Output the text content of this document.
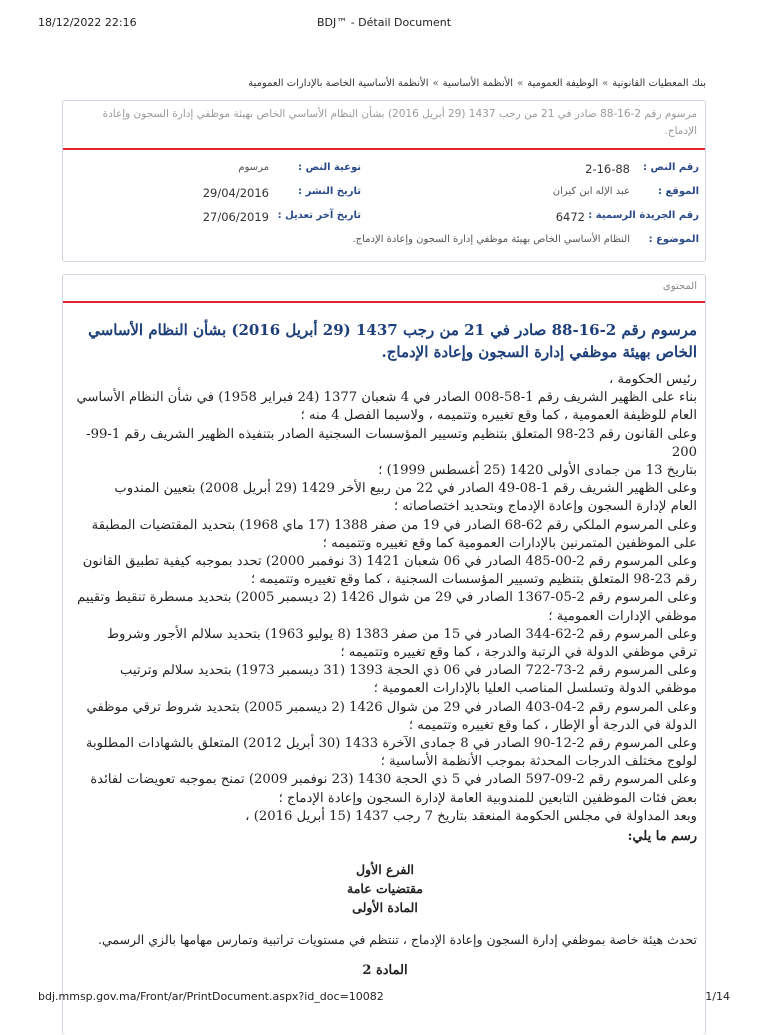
18/12/2022 22:16	BDJ™ - Détail Document
بنك المعطيات القانونية»الوظيفة العمومية»الأنظمة الأساسية»الأنظمة الأساسية الخاصة بالإدارات العمومية
مرسوم رقم 2-16-88 صادر في 21 من رجب 1437 (29 أبريل 2016) بشأن النظام الأساسي الخاص بهيئة موظفي إدارة السجون وإعادة الإدماج.
رقم النص :
2-16-88
نوعية النص :
مرسوم
الموقع :
عبد الإله ابن كيران
تاريخ النشر :
29/04/2016
رقم الجريدة الرسمية :
6472
تاريخ آخر تعديل :
27/06/2019
الموضوع :
النظام الأساسي الخاص بهيئة موظفي إدارة السجون وإعادة الإدماج.
المحتوى
مرسوم رقم 2-16-88 صادر في 21 من رجب 1437 (29 أبريل 2016) بشأن النظام الأساسي الخاص بهيئة موظفي إدارة السجون وإعادة الإدماج.

رئيس الحكومة ،

بناء على الظهير الشريف رقم 1-58-008 الصادر في 4 شعبان 1377 (24 فبراير 1958) في شأن النظام الأساسي

العام للوظيفة العمومية ، كما وقع تغييره وتتميمه ، ولاسيما الفصل 4 منه ؛

وعلى القانون رقم 23-98 المتعلق بتنظيم وتسيير المؤسسات السجنية الصادر بتنفيذه الظهير الشريف رقم 1-99-200

بتاريخ 13 من جمادى الأولى 1420 (25 أغسطس 1999) ؛

وعلى الظهير الشريف رقم 1-08-49 الصادر في 22 من ربيع الأخر 1429 (29 أبريل 2008) بتعيين المندوب

العام لإدارة السجون وإعادة الإدماج وبتحديد اختصاصاته ؛

وعلى المرسوم الملكي رقم 62-68 الصادر في 19 من صفر 1388 (17 ماي 1968) بتحديد المقتضيات المطبقة

على الموظفين المتمرنين بالإدارات العمومية كما وقع تغييره وتتميمه ؛

وعلى المرسوم رقم 2-00-485 الصادر في 06 شعبان 1421 (3 نوفمبر 2000) تحدد بموجبه كيفية تطبيق القانون

رقم 23-98 المتعلق بتنظيم وتسيير المؤسسات السجنية ، كما وقع تغييره وتتميمه ؛

وعلى المرسوم رقم 2-05-1367 الصادر في 29 من شوال 1426 (2 ديسمبر 2005) بتحديد مسطرة تنقيط وتقييم

موظفي الإدارات العمومية ؛

وعلى المرسوم رقم 2-62-344 الصادر في 15 من صفر 1383 (8 يوليو 1963) بتحديد سلالم الأجور وشروط

ترقي موظفي الدولة في الرتبة والدرجة ، كما وقع تغييره وتتميمه ؛

وعلى المرسوم رقم 2-73-722 الصادر في 06 ذي الحجة 1393 (31 ديسمبر 1973) بتحديد سلالم وترتيب

موظفي الدولة وتسلسل المناصب العليا بالإدارات العمومية ؛

وعلى المرسوم رقم 2-04-403 الصادر في 29 من شوال 1426 (2 ديسمبر 2005) بتحديد شروط ترقي موظفي

الدولة في الدرجة أو الإطار ، كما وقع تغييره وتتميمه ؛

وعلى المرسوم رقم 2-12-90 الصادر في 8 جمادى الآخرة 1433 (30 أبريل 2012) المتعلق بالشهادات المطلوبة

لولوج مختلف الدرجات المحدثة بموجب الأنظمة الأساسية ؛

وعلى المرسوم رقم 2-09-597 الصادر في 5 ذي الحجة 1430 (23 نوفمبر 2009) تمنح بموجبه تعويضات لفائدة

بعض فئات الموظفين التابعين للمندوبية العامة لإدارة السجون وإعادة الإدماج ؛

وبعد المداولة في مجلس الحكومة المنعقد بتاريخ 7 رجب 1437 (15 أبريل 2016) ،

رسم ما يلي:
الفرع الأول
مقتضيات عامة
المادة الأولى
تحدث هيئة خاصة بموظفي إدارة السجون وإعادة الإدماج ، تنتظم في مستويات تراتبية وتمارس مهامها بالزي الرسمي.
المادة 2
bdj.mmsp.gov.ma/Front/ar/PrintDocument.aspx?id_doc=10082	1/14
